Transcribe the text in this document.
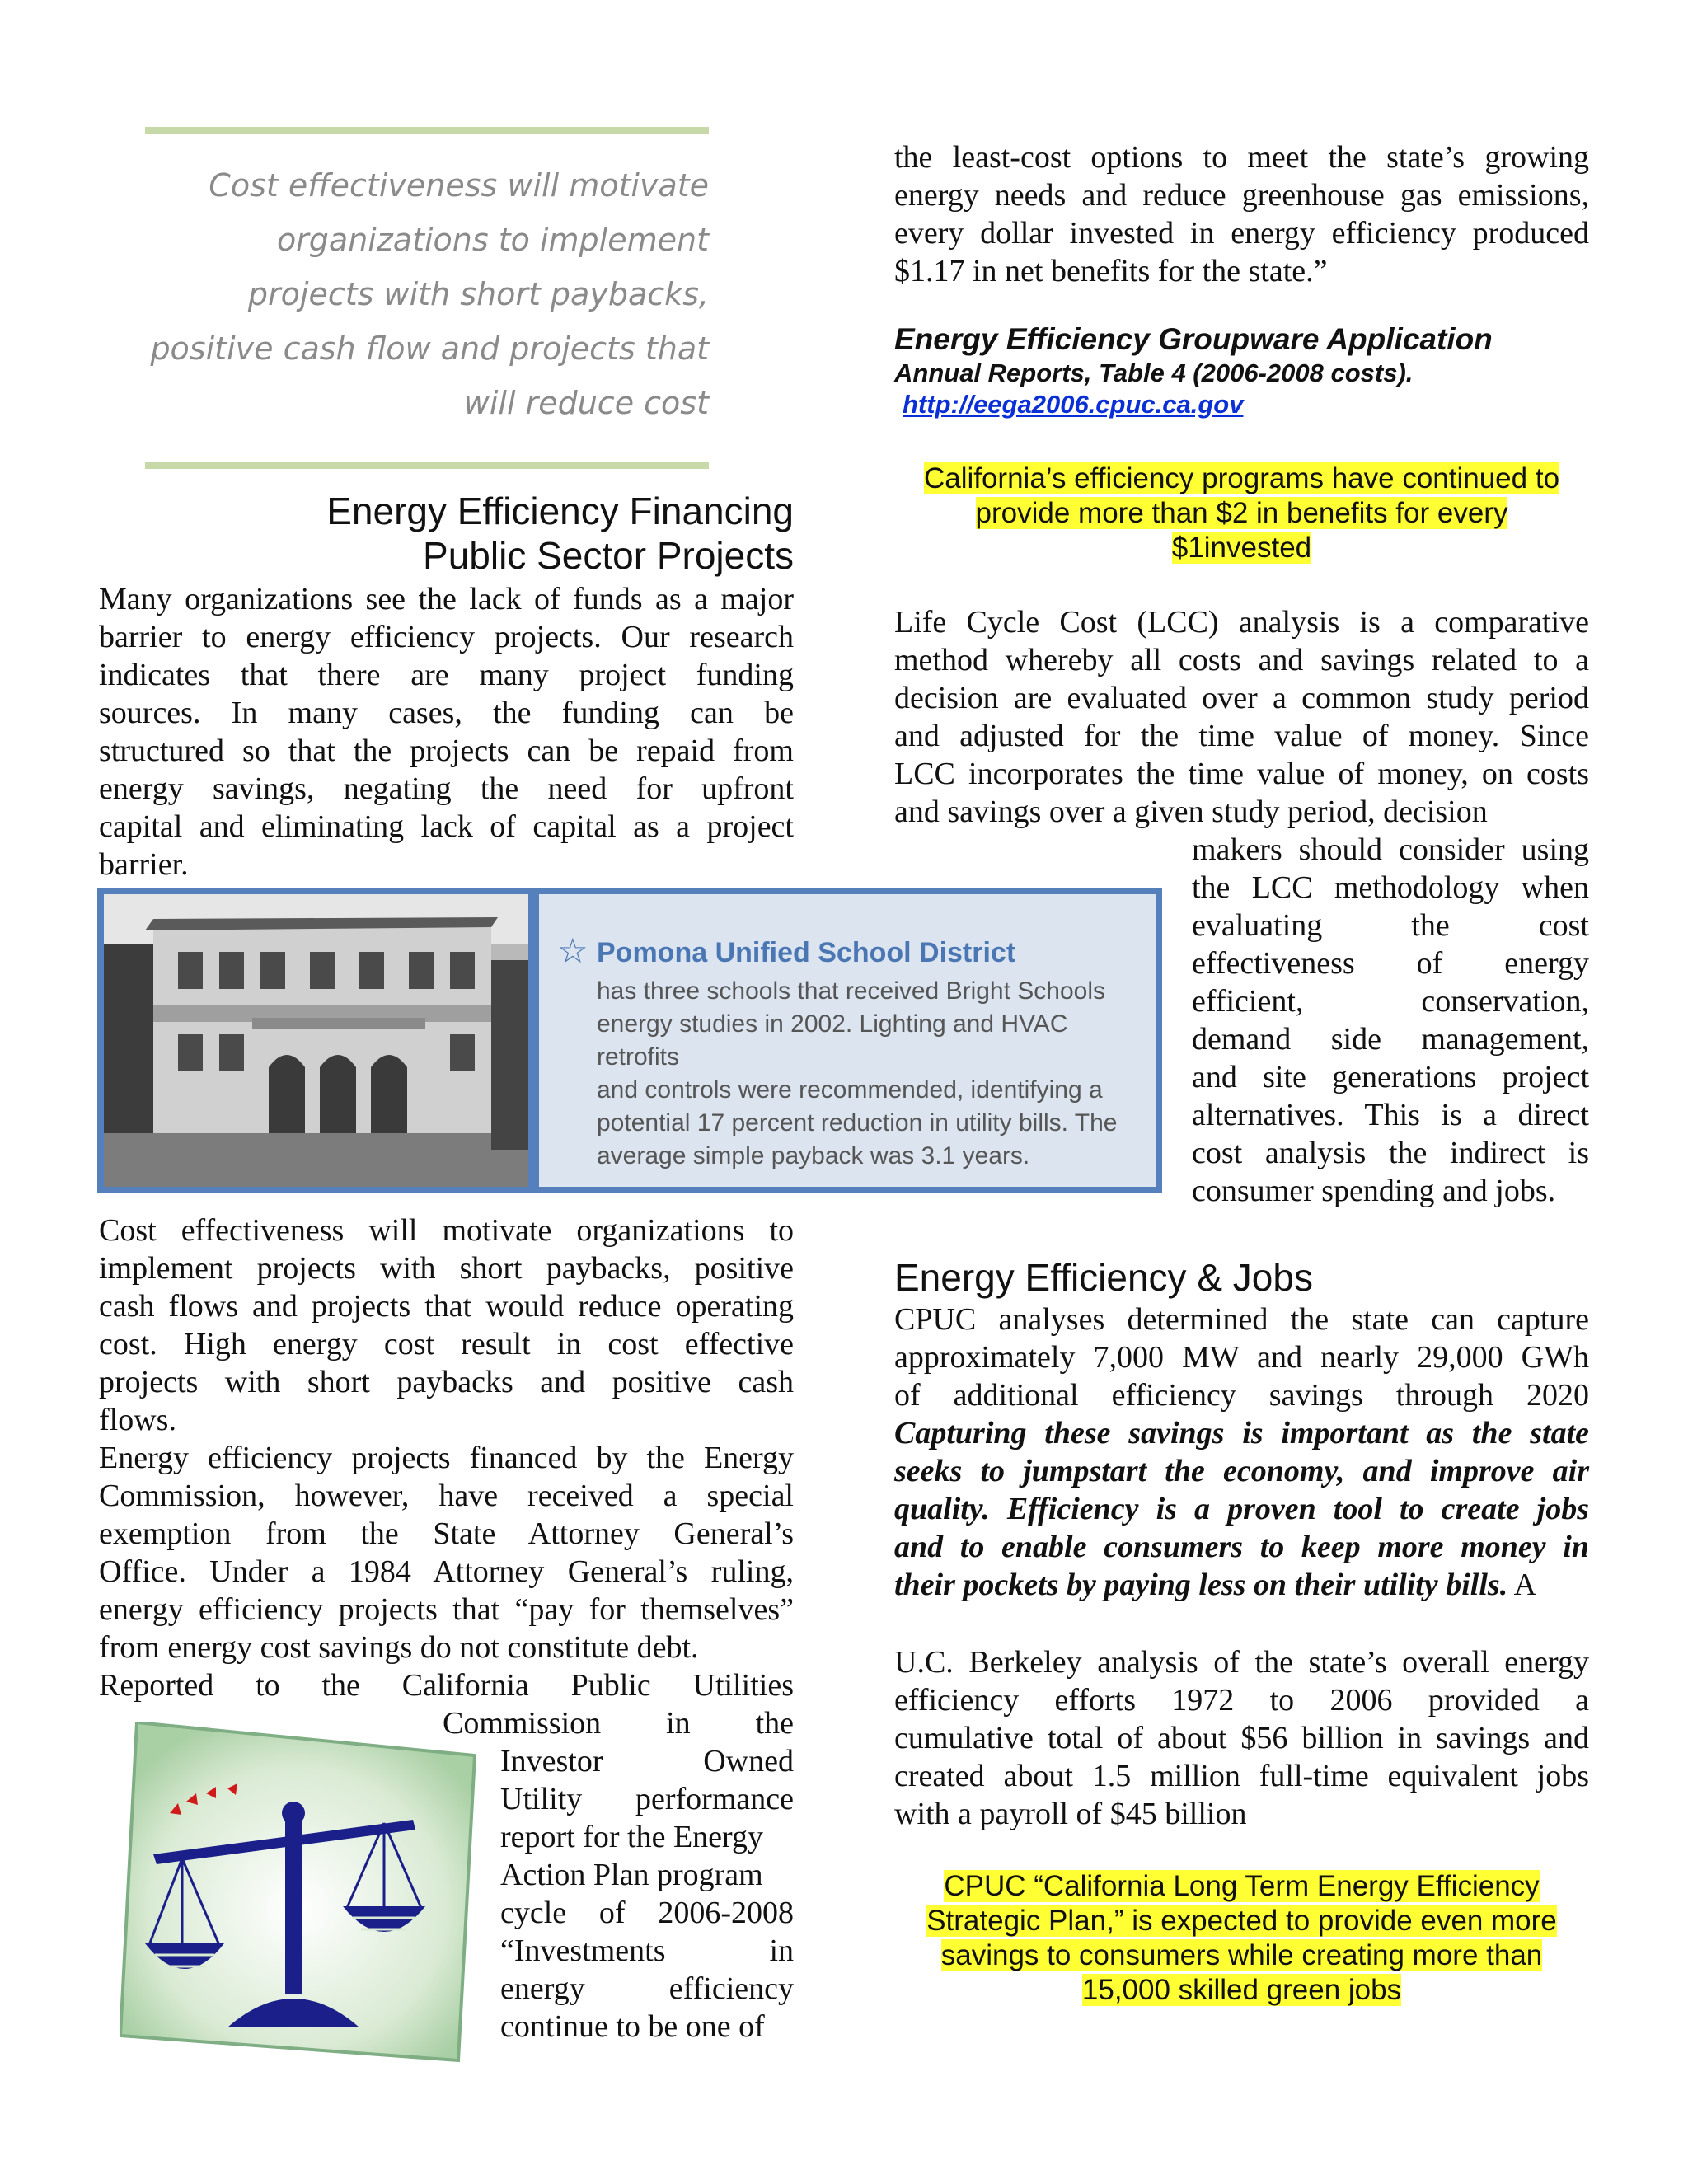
Cost effectiveness will motivate
organizations to implement
projects with short paybacks,
positive cash flow and projects that
will reduce cost
Energy Efficiency Financing
Public Sector Projects
Many organizations see the lack of funds as a major
barrier to energy efficiency projects. Our research
indicates that there are many project funding
sources. In many cases, the funding can be
structured so that the projects can be repaid from
energy savings, negating the need for upfront
capital and eliminating lack of capital as a project
barrier.
☆ Pomona Unified School District
has three schools that received Bright Schools
energy studies in 2002. Lighting and HVAC retrofits
and controls were recommended, identifying a
potential 17 percent reduction in utility bills. The
average simple payback was 3.1 years.
Cost effectiveness will motivate organizations to
implement projects with short paybacks, positive
cash flows and projects that would reduce operating
cost. High energy cost result in cost effective
projects with short paybacks and positive cash
flows.
Energy efficiency projects financed by the Energy
Commission, however, have received a special
exemption from the State Attorney General’s
Office. Under a 1984 Attorney General’s ruling,
energy efficiency projects that “pay for themselves”
from energy cost savings do not constitute debt.
Reported to the California Public Utilities
Commission in the
Investor Owned
Utility performance
report for the Energy
Action Plan program
cycle of 2006-2008
“Investments in
energy efficiency
continue to be one of
the least-cost options to meet the state’s growing
energy needs and reduce greenhouse gas emissions,
every dollar invested in energy efficiency produced
$1.17 in net benefits for the state.”
Energy Efficiency Groupware Application
Annual Reports, Table 4 (2006-2008 costs).
http://eega2006.cpuc.ca.gov
California’s efficiency programs have continued to
provide more than $2 in benefits for every
$1invested
Life Cycle Cost (LCC) analysis is a comparative
method whereby all costs and savings related to a
decision are evaluated over a common study period
and adjusted for the time value of money. Since
LCC incorporates the time value of money, on costs
and savings over a given study period, decision
makers should consider using
the LCC methodology when
evaluating the cost
effectiveness of energy
efficient, conservation,
demand side management,
and site generations project
alternatives. This is a direct
cost analysis the indirect is
consumer spending and jobs.
Energy Efficiency & Jobs
CPUC analyses determined the state can capture
approximately 7,000 MW and nearly 29,000 GWh
of additional efficiency savings through 2020
Capturing these savings is important as the state
seeks to jumpstart the economy, and improve air
quality. Efficiency is a proven tool to create jobs
and to enable consumers to keep more money in
their pockets by paying less on their utility bills. A
U.C. Berkeley analysis of the state’s overall energy
efficiency efforts 1972 to 2006 provided a
cumulative total of about $56 billion in savings and
created about 1.5 million full-time equivalent jobs
with a payroll of $45 billion
CPUC “California Long Term Energy Efficiency
Strategic Plan,” is expected to provide even more
savings to consumers while creating more than
15,000 skilled green jobs
